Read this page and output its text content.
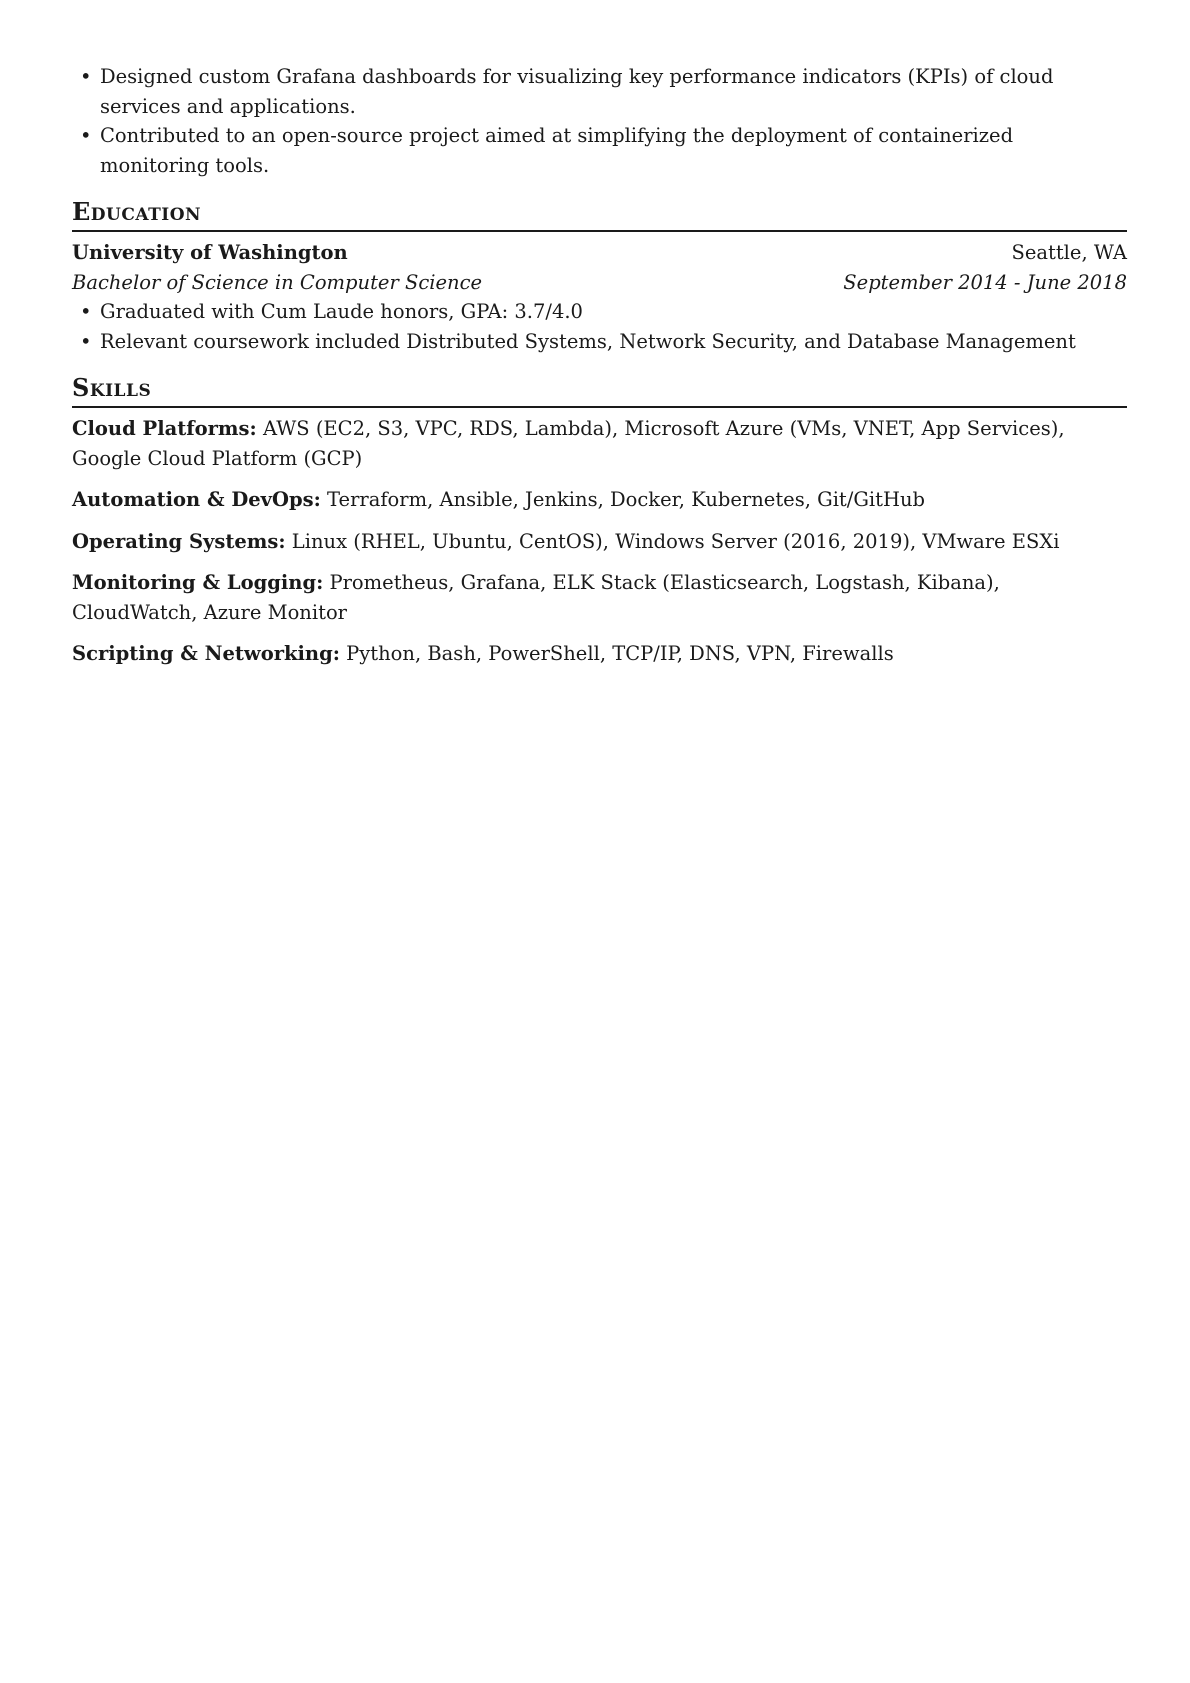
• Designed custom Grafana dashboards for visualizing key performance indicators (KPIs) of cloud services and applications.
• Contributed to an open-source project aimed at simplifying the deployment of containerized monitoring tools.
Education
University of Washington	Seattle, WA
Bachelor of Science in Computer Science	September 2014 - June 2018
• Graduated with Cum Laude honors, GPA: 3.7/4.0
• Relevant coursework included Distributed Systems, Network Security, and Database Management
Skills
Cloud Platforms: AWS (EC2, S3, VPC, RDS, Lambda), Microsoft Azure (VMs, VNET, App Services), Google Cloud Platform (GCP)
Automation & DevOps: Terraform, Ansible, Jenkins, Docker, Kubernetes, Git/GitHub
Operating Systems: Linux (RHEL, Ubuntu, CentOS), Windows Server (2016, 2019), VMware ESXi
Monitoring & Logging: Prometheus, Grafana, ELK Stack (Elasticsearch, Logstash, Kibana), CloudWatch, Azure Monitor
Scripting & Networking: Python, Bash, PowerShell, TCP/IP, DNS, VPN, Firewalls
